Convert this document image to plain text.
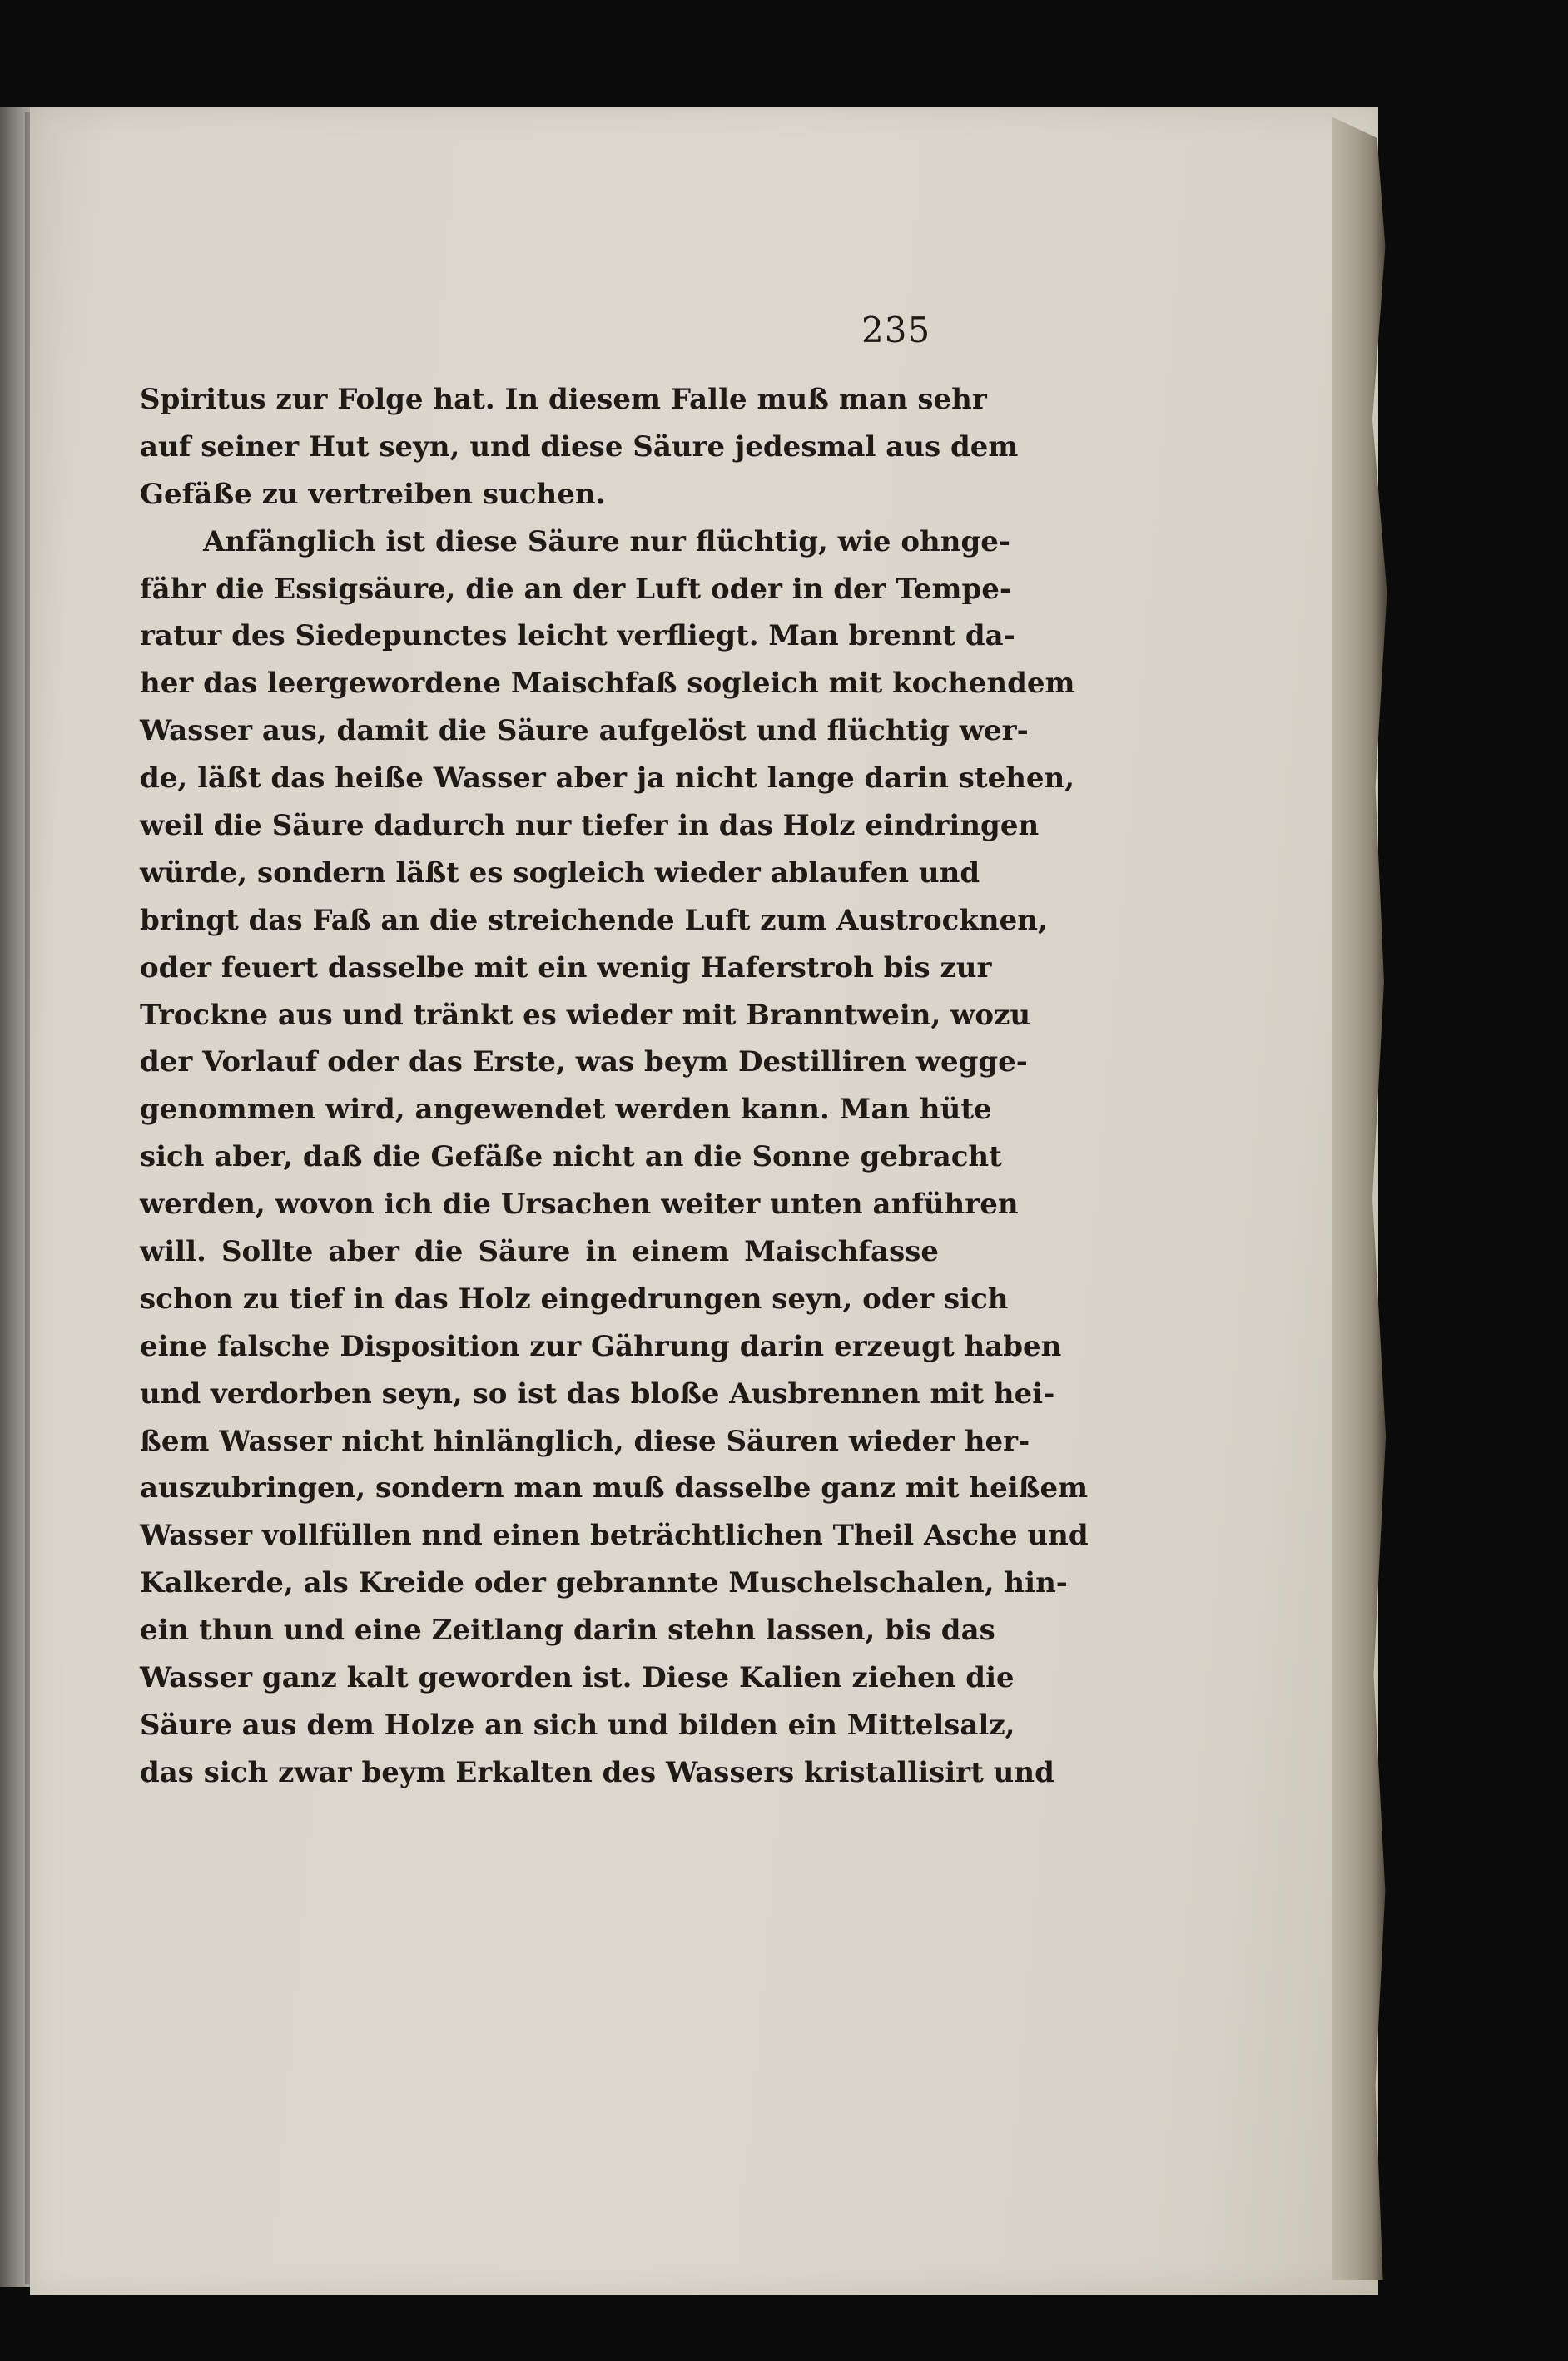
235
Spiritus zur Folge hat. In diesem Falle muß man sehr
auf seiner Hut seyn, und diese Säure jedesmal aus dem
Gefäße zu vertreiben suchen.
Anfänglich ist diese Säure nur flüchtig, wie ohnge-
fähr die Essigsäure, die an der Luft oder in der Tempe-
ratur des Siedepunctes leicht verfliegt. Man brennt da-
her das leergewordene Maischfaß sogleich mit kochendem
Wasser aus, damit die Säure aufgelöst und flüchtig wer-
de, läßt das heiße Wasser aber ja nicht lange darin stehen,
weil die Säure dadurch nur tiefer in das Holz eindringen
würde, sondern läßt es sogleich wieder ablaufen und
bringt das Faß an die streichende Luft zum Austrocknen,
oder feuert dasselbe mit ein wenig Haferstroh bis zur
Trockne aus und tränkt es wieder mit Branntwein, wozu
der Vorlauf oder das Erste, was beym Destilliren wegge-
genommen wird, angewendet werden kann. Man hüte
sich aber, daß die Gefäße nicht an die Sonne gebracht
werden, wovon ich die Ursachen weiter unten anführen
will. Sollte aber die Säure in einem Maischfasse
schon zu tief in das Holz eingedrungen seyn, oder sich
eine falsche Disposition zur Gährung darin erzeugt haben
und verdorben seyn, so ist das bloße Ausbrennen mit hei-
ßem Wasser nicht hinlänglich, diese Säuren wieder her-
auszubringen, sondern man muß dasselbe ganz mit heißem
Wasser vollfüllen nnd einen beträchtlichen Theil Asche und
Kalkerde, als Kreide oder gebrannte Muschelschalen, hin-
ein thun und eine Zeitlang darin stehn lassen, bis das
Wasser ganz kalt geworden ist. Diese Kalien ziehen die
Säure aus dem Holze an sich und bilden ein Mittelsalz,
das sich zwar beym Erkalten des Wassers kristallisirt und
